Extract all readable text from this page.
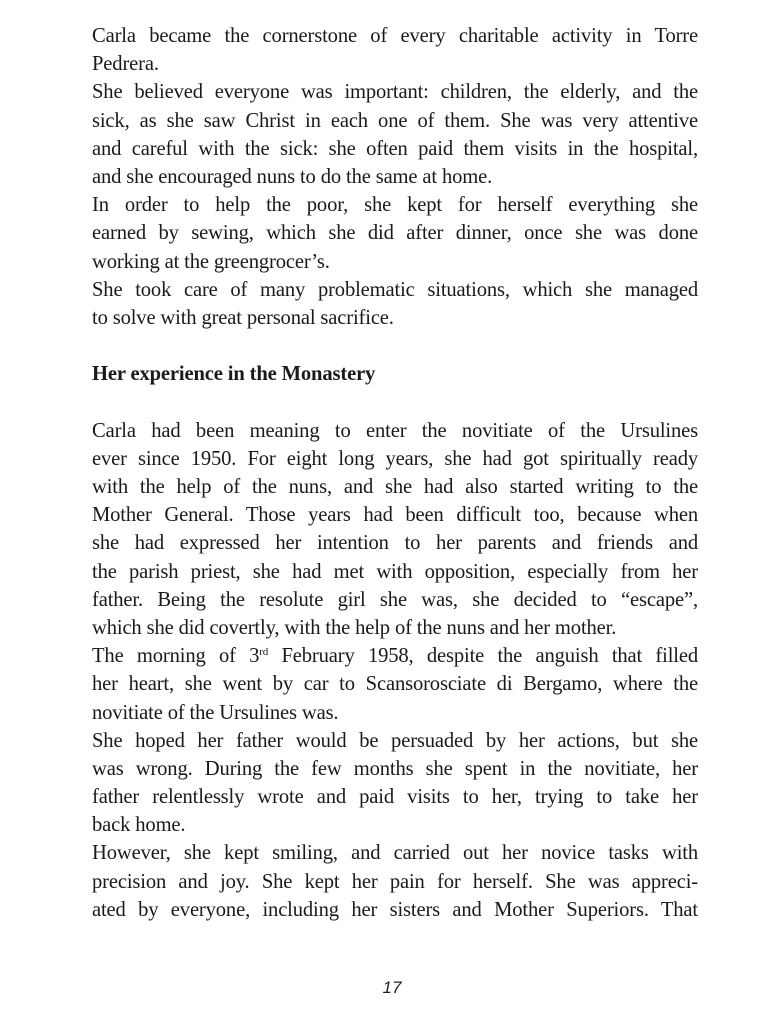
Carla became the cornerstone of every charitable activity in Torre
Pedrera.
She believed everyone was important: children, the elderly, and the
sick, as she saw Christ in each one of them. She was very attentive
and careful with the sick: she often paid them visits in the hospital,
and she encouraged nuns to do the same at home.
In order to help the poor, she kept for herself everything she
earned by sewing, which she did after dinner, once she was done
working at the greengrocer’s.
She took care of many problematic situations, which she managed
to solve with great personal sacrifice.
Her experience in the Monastery
Carla had been meaning to enter the novitiate of the Ursulines
ever since 1950. For eight long years, she had got spiritually ready
with the help of the nuns, and she had also started writing to the
Mother General. Those years had been difficult too, because when
she had expressed her intention to her parents and friends and
the parish priest, she had met with opposition, especially from her
father. Being the resolute girl she was, she decided to “escape”,
which she did covertly, with the help of the nuns and her mother.
The morning of 3rd February 1958, despite the anguish that filled
her heart, she went by car to Scansorosciate di Bergamo, where the
novitiate of the Ursulines was.
She hoped her father would be persuaded by her actions, but she
was wrong. During the few months she spent in the novitiate, her
father relentlessly wrote and paid visits to her, trying to take her
back home.
However, she kept smiling, and carried out her novice tasks with
precision and joy. She kept her pain for herself. She was appreci-
ated by everyone, including her sisters and Mother Superiors. That
17
